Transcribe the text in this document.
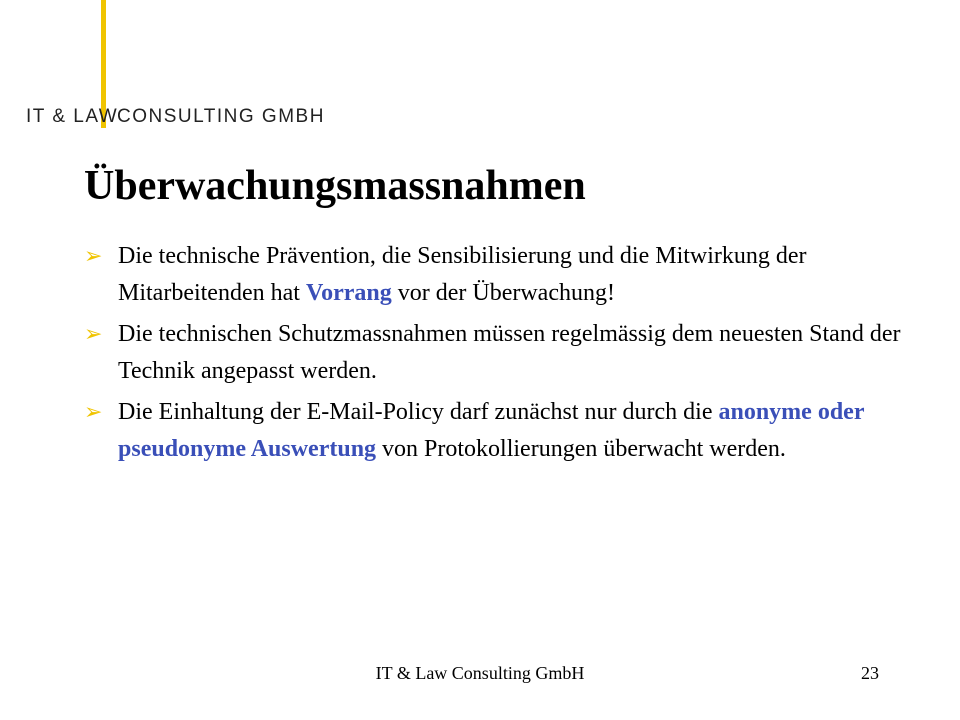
IT & LAW
CONSULTING GMBH
Überwachungsmassnahmen
➢ Die technische Prävention, die Sensibilisierung und die Mitwirkung der Mitarbeitenden hat Vorrang vor der Überwachung!
➢ Die technischen Schutzmassnahmen müssen regelmässig dem neuesten Stand der Technik angepasst werden.
➢ Die Einhaltung der E-Mail-Policy darf zunächst nur durch die anonyme oder pseudonyme Auswertung von Protokollierungen überwacht werden.
IT & Law Consulting GmbH	23
